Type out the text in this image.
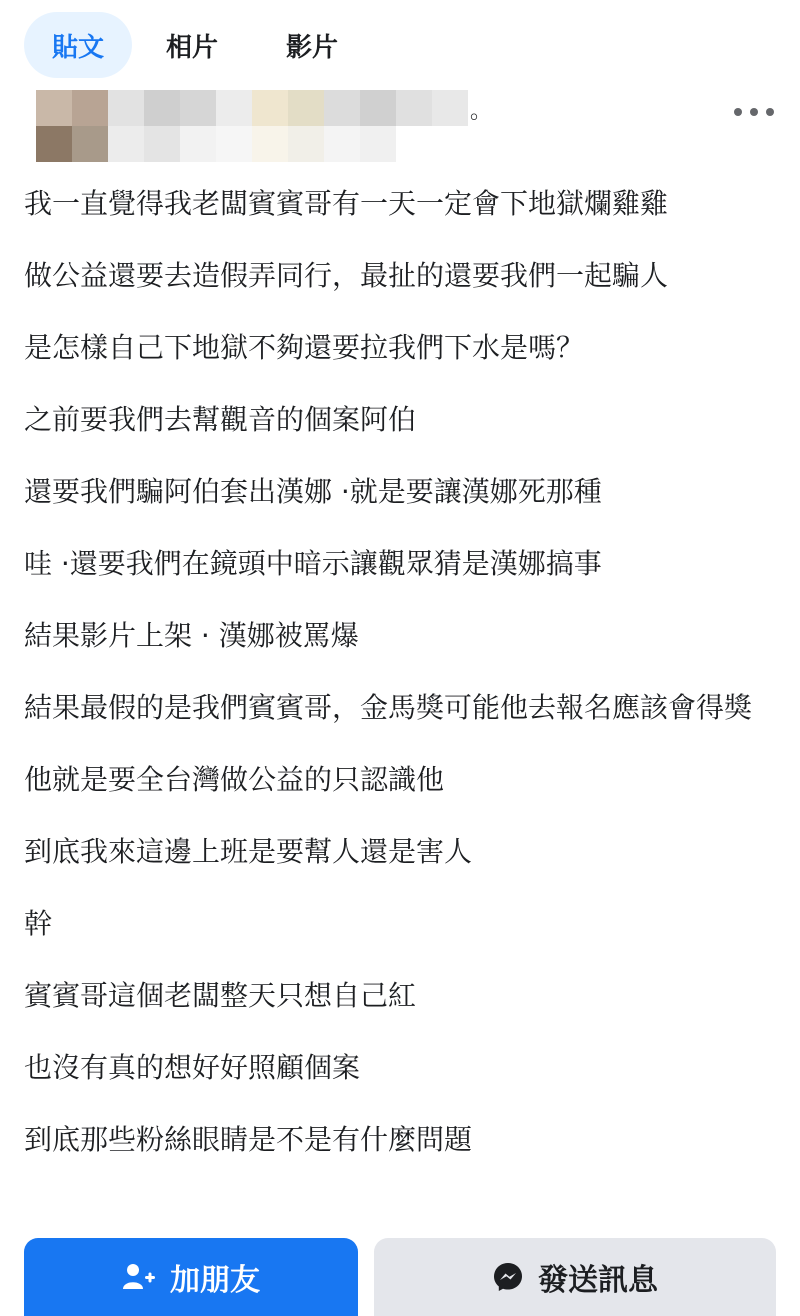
貼文	相片	影片
。

我一直覺得我老闆賓賓哥有一天一定會下地獄爛雞雞

做公益還要去造假弄同行，最扯的還要我們一起騙人

是怎樣自己下地獄不夠還要拉我們下水是嗎？

之前要我們去幫觀音的個案阿伯

還要我們騙阿伯套出漢娜 ·就是要讓漢娜死那種

哇 ·還要我們在鏡頭中暗示讓觀眾猜是漢娜搞事

結果影片上架 · 漢娜被罵爆

結果最假的是我們賓賓哥，金馬獎可能他去報名應該會得獎

他就是要全台灣做公益的只認識他

到底我來這邊上班是要幫人還是害人

幹

賓賓哥這個老闆整天只想自己紅

也沒有真的想好好照顧個案

到底那些粉絲眼睛是不是有什麼問題

加朋友	發送訊息
